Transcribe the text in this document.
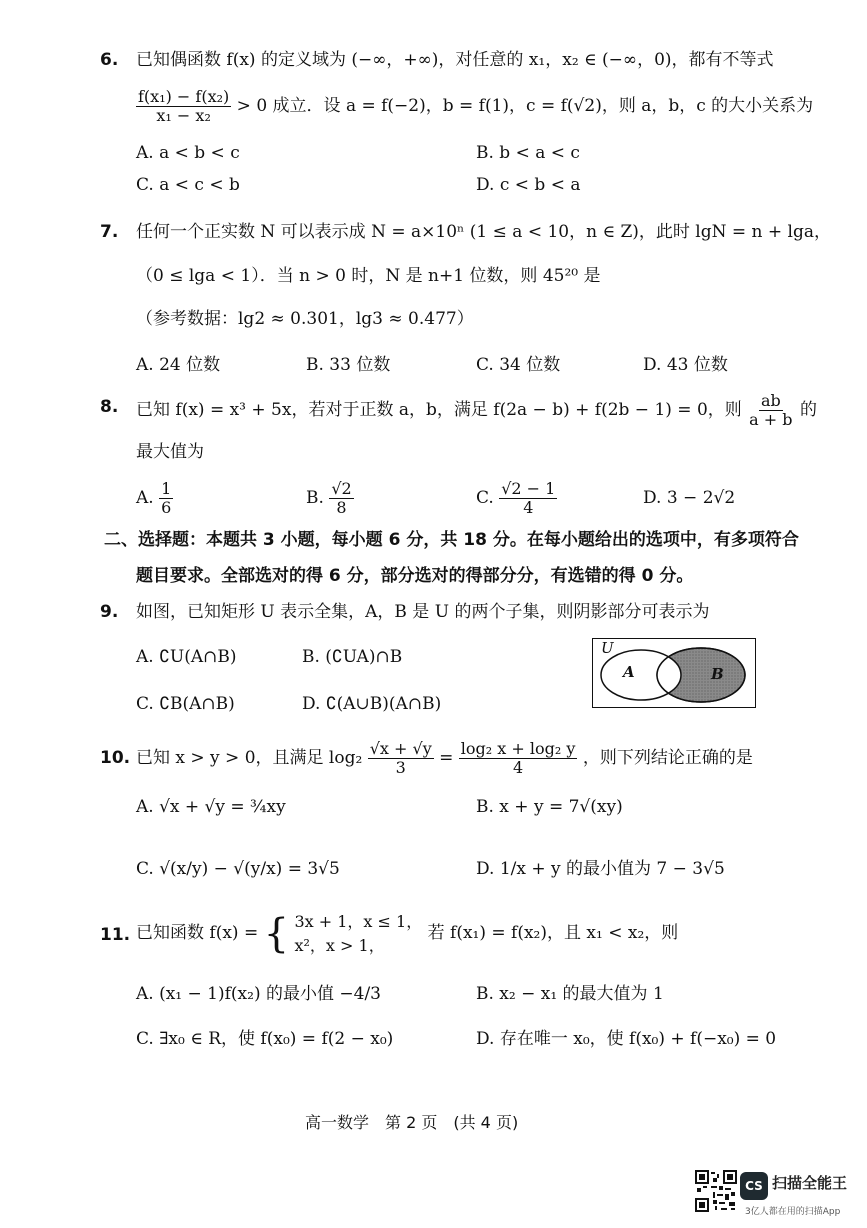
6. 已知偶函数 f(x) 的定义域为 (−∞，+∞)，对任意的 x₁，x₂ ∈ (−∞，0)，都有不等式
$\frac{\text{f(x₁) − f(x₂)}}{\text{x₁ − x₂}} > 0$ 成立．设 a = f(−2)，b = f(1)，c = f(√2)，则 a，b，c 的大小关系为
A. a < b < c	B. b < a < c
C. a < c < b	D. c < b < a
7. 任何一个正实数 N 可以表示成 N = a×10ⁿ (1 ≤ a < 10，n ∈ Z)，此时 lgN = n + lga，
（0 ≤ lga < 1）．当 n > 0 时，N 是 n+1 位数，则 45²⁰ 是
（参考数据：lg2 ≈ 0.301，lg3 ≈ 0.477）
A. 24 位数	B. 33 位数	C. 34 位数	D. 43 位数
8. 已知 f(x) = x³ + 5x，若对于正数 a，b，满足 f(2a − b) + f(2b − 1) = 0，则 $\frac{ab}{a + b}$ 的
最大值为
A. $\frac{1}{6}$	B. $\frac{√2}{8}$	C. $\frac{√2 - 1}{4}$	D. 3 − 2√2
二、选择题：本题共 3 小题，每小题 6 分，共 18 分。在每小题给出的选项中，有多项符合
题目要求。全部选对的得 6 分，部分选对的得部分分，有选错的得 0 分。
9. 如图，已知矩形 U 表示全集，A，B 是 U 的两个子集，则阴影部分可表示为
A. ∁U(A∩B)	B. (∁UA)∩B
C. ∁B(A∩B)	D. ∁(A∪B)(A∩B)
U
A	B
10. 已知 x > y > 0，且满足 $\log_2 \frac{√x + √y}{3} = \frac{\text{log₂ x + log₂ y}}{4}$ ，则下列结论正确的是
A. √x + √y = ¾xy	B. x + y = 7√(xy)
C. √(x/y) − √(y/x) = 3√5	D. 1/x + y 的最小值为 7 − 3√5
11. 已知函数 f(x) = { 3x + 1，x ≤ 1，
x²，x > 1，
若 f(x₁) = f(x₂)，且 x₁ < x₂，则
A. (x₁ − 1)f(x₂) 的最小值 −4/3	B. x₂ − x₁ 的最大值为 1
C. ∃x₀ ∈ R，使 f(x₀) = f(2 − x₀)	D. 存在唯一 x₀，使 f(x₀) + f(−x₀) = 0
高一数学　第 2 页　(共 4 页)
CS 扫描全能王
3亿人都在用的扫描App
